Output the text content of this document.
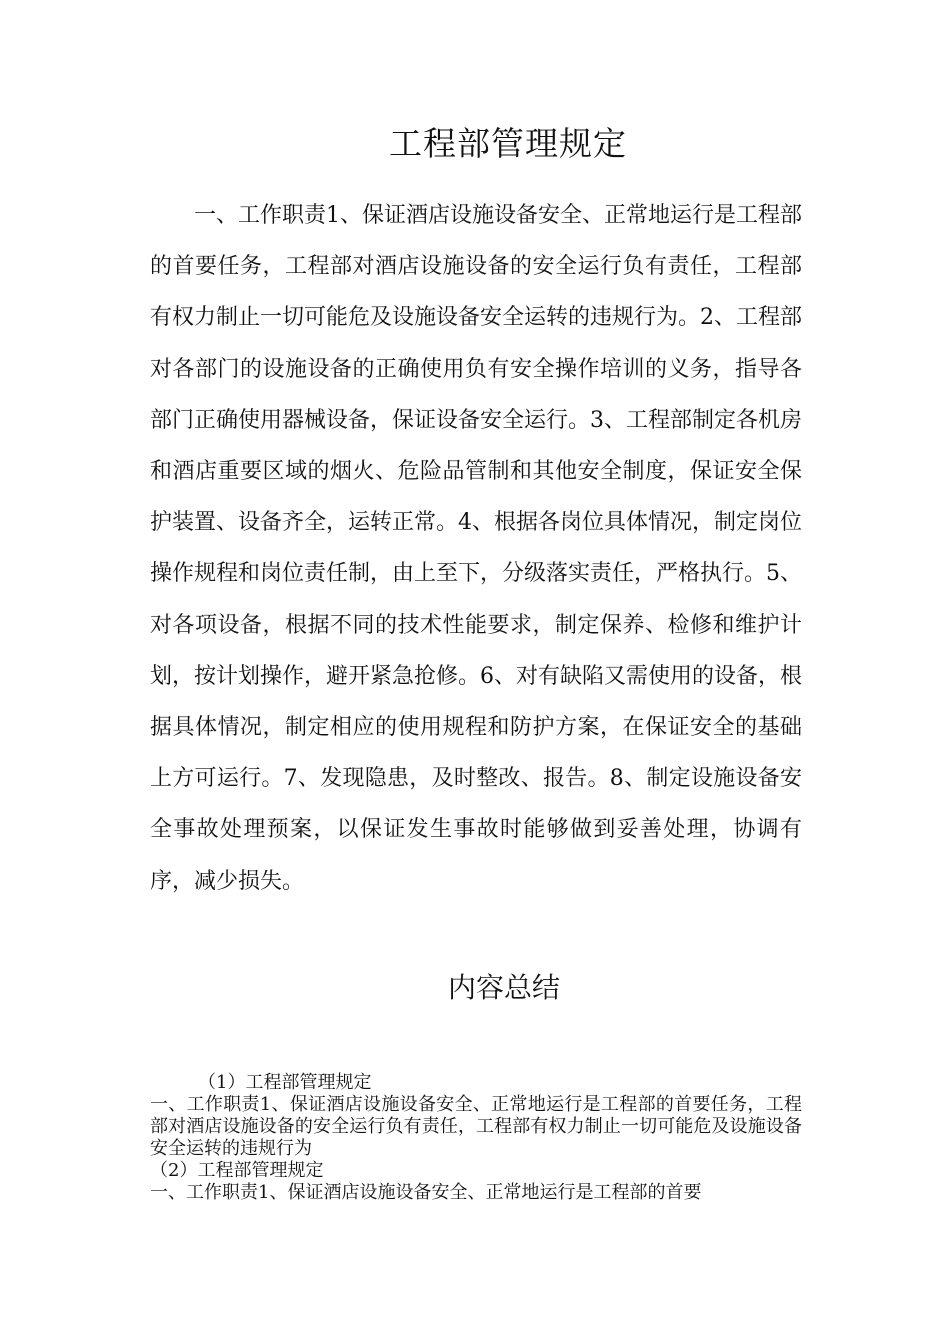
工程部管理规定

一、工作职责1、保证酒店设施设备安全、正常地运行是工程部的首要任务，工程部对酒店设施设备的安全运行负有责任，工程部有权力制止一切可能危及设施设备安全运转的违规行为。2、工程部对各部门的设施设备的正确使用负有安全操作培训的义务，指导各部门正确使用器械设备，保证设备安全运行。3、工程部制定各机房和酒店重要区域的烟火、危险品管制和其他安全制度，保证安全保护装置、设备齐全，运转正常。4、根据各岗位具体情况，制定岗位操作规程和岗位责任制，由上至下，分级落实责任，严格执行。5、对各项设备，根据不同的技术性能要求，制定保养、检修和维护计划，按计划操作，避开紧急抢修。6、对有缺陷又需使用的设备，根据具体情况，制定相应的使用规程和防护方案，在保证安全的基础上方可运行。7、发现隐患，及时整改、报告。8、制定设施设备安全事故处理预案，以保证发生事故时能够做到妥善处理，协调有序，减少损失。

内容总结

（1）工程部管理规定

一、工作职责1、保证酒店设施设备安全、正常地运行是工程部的首要任务，工程部对酒店设施设备的安全运行负有责任，工程部有权力制止一切可能危及设施设备安全运转的违规行为

（2）工程部管理规定

一、工作职责1、保证酒店设施设备安全、正常地运行是工程部的首要
